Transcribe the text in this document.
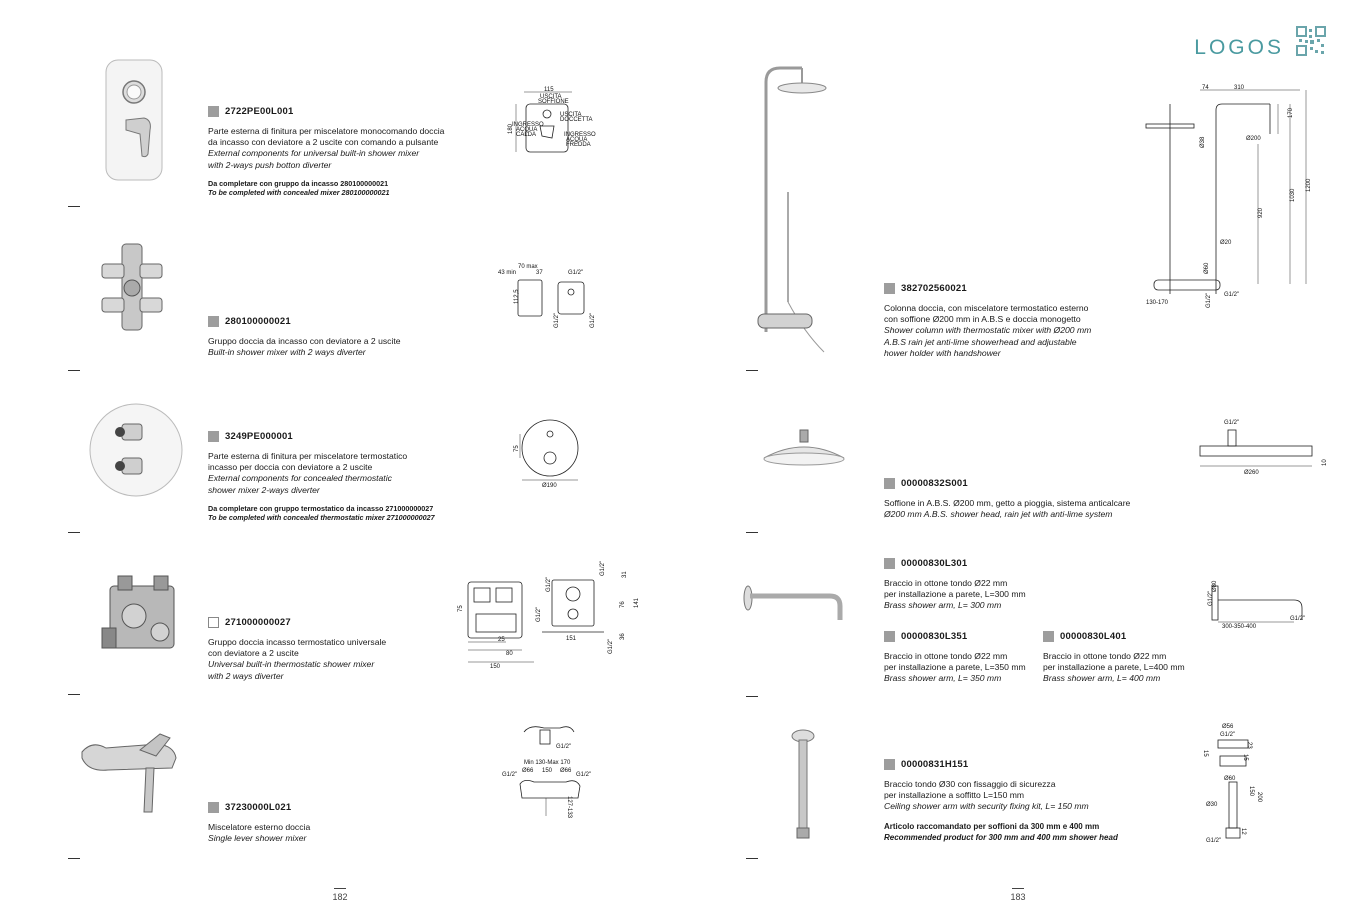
2722PE00L001
Parte esterna di finitura per miscelatore monocomando doccia
da incasso con deviatore a 2 uscite con comando a pulsante
External components for universal built-in shower mixer
with 2-ways push botton diverter
Da completare con gruppo da incasso 280100000021
To be completed with concealed mixer 280100000021
115
180
USCITA
SOFFIONE
USCITA
DOCCETTA
INGRESSO
ACQUA
CALDA	INGRESSO
ACQUA
FREDDA
280100000021
Gruppo doccia da incasso con deviatore a 2 uscite
Built-in shower mixer with 2 ways diverter
70 max
43 min	37	G1/2"
112,5
G1/2"	G1/2"
3249PE000001
Parte esterna di finitura per miscelatore termostatico
incasso per doccia con deviatore a 2 uscite
External components for concealed thermostatic
shower mixer 2-ways diverter
Da completare con gruppo termostatico da incasso 271000000027
To be completed with concealed thermostatic mixer 271000000027
75
Ø190
271000000027
Gruppo doccia incasso termostatico universale
con deviatore a 2 uscite
Universal built-in thermostatic shower mixer
with 2 ways diverter
75
25
80
150
G1/2"
G1/2"
31
76 141
151	36
G1/2"
G1/2"
37230000L021
Miscelatore esterno doccia
Single lever shower mixer
G1/2"
Min 130-Max 170
Ø66 150 Ø66
G1/2"	G1/2"
127-133
182
LOGOS
382702560021
Colonna doccia, con miscelatore termostatico esterno
con soffione Ø200 mm in A.B.S e doccia monogetto
Shower column with thermostatic mixer with Ø200 mm
A.B.S rain jet anti-lime showerhead and adjustable
hower holder with handshower
74	310
Ø200
170
Ø38
920
1030
1200
Ø20
Ø60
130-170
G1/2"
G1/2"
00000832S001
Soffione in A.B.S. Ø200 mm, getto a pioggia, sistema anticalcare
Ø200 mm A.B.S. shower head, rain jet with anti-lime system
G1/2"
Ø260
10
00000830L301
Braccio in ottone tondo Ø22 mm
per installazione a parete, L=300 mm
Brass shower arm, L= 300 mm
00000830L351
Braccio in ottone tondo Ø22 mm
per installazione a parete, L=350 mm
Brass shower arm, L= 350 mm
00000830L401
Braccio in ottone tondo Ø22 mm
per installazione a parete, L=400 mm
Brass shower arm, L= 400 mm
Ø80
G1/2"
300-350-400
G1/2"
00000831H151
Braccio tondo Ø30 con fissaggio di sicurezza
per installazione a soffitto L=150 mm
Ceiling shower arm with security fixing kit, L= 150 mm
Articolo raccomandato per soffioni da 300 mm e 400 mm
Recommended product for 300 mm and 400 mm shower head
Ø56
G1/2"
23
15
15
Ø60
150
200
Ø30
12
G1/2"
183
